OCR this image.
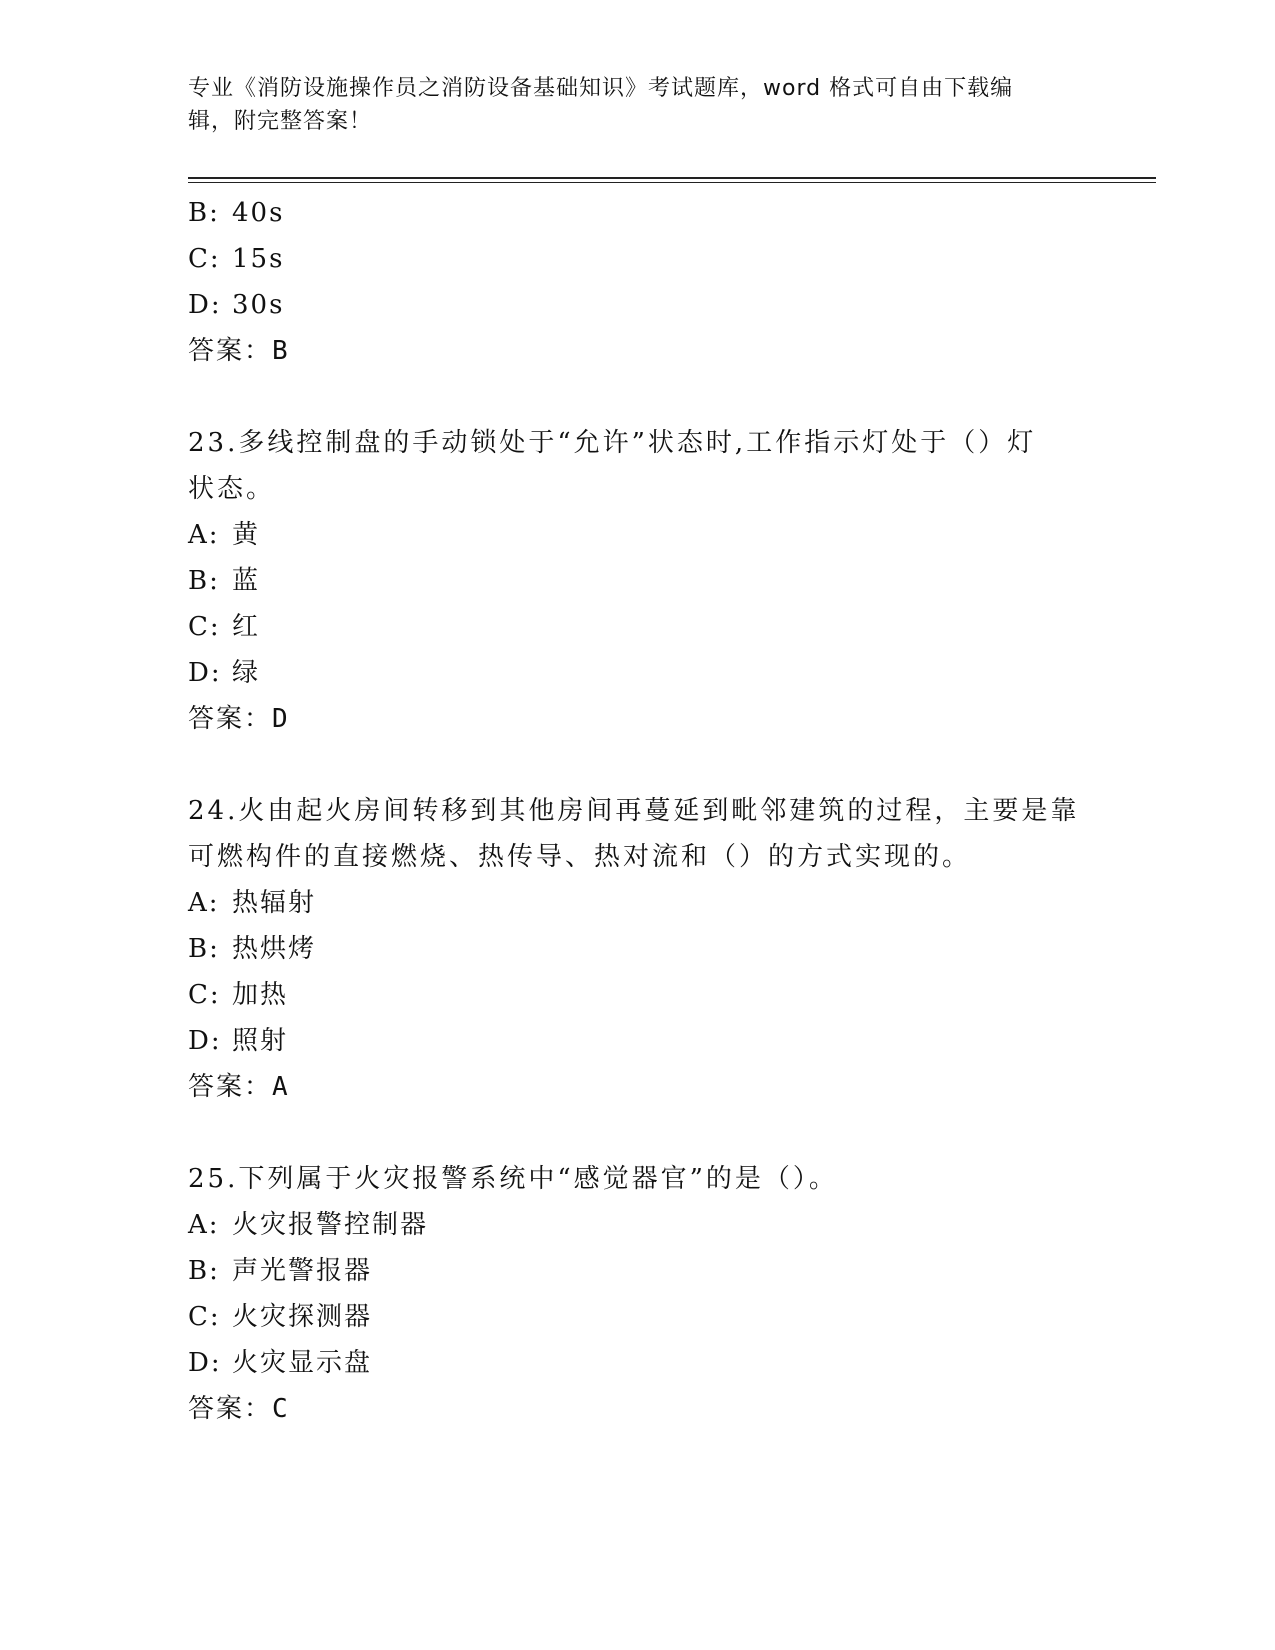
专业《消防设施操作员之消防设备基础知识》考试题库，word 格式可自由下载编
辑，附完整答案！
B: 40s
C: 15s
D: 30s
答案：B
23.多线控制盘的手动锁处于“允许”状态时,工作指示灯处于（）灯
状态。
A: 黄
B: 蓝
C: 红
D: 绿
答案：D
24.火由起火房间转移到其他房间再蔓延到毗邻建筑的过程，主要是靠
可燃构件的直接燃烧、热传导、热对流和（）的方式实现的。
A: 热辐射
B: 热烘烤
C: 加热
D: 照射
答案：A
25.下列属于火灾报警系统中“感觉器官”的是（）。
A: 火灾报警控制器
B: 声光警报器
C: 火灾探测器
D: 火灾显示盘
答案：C
